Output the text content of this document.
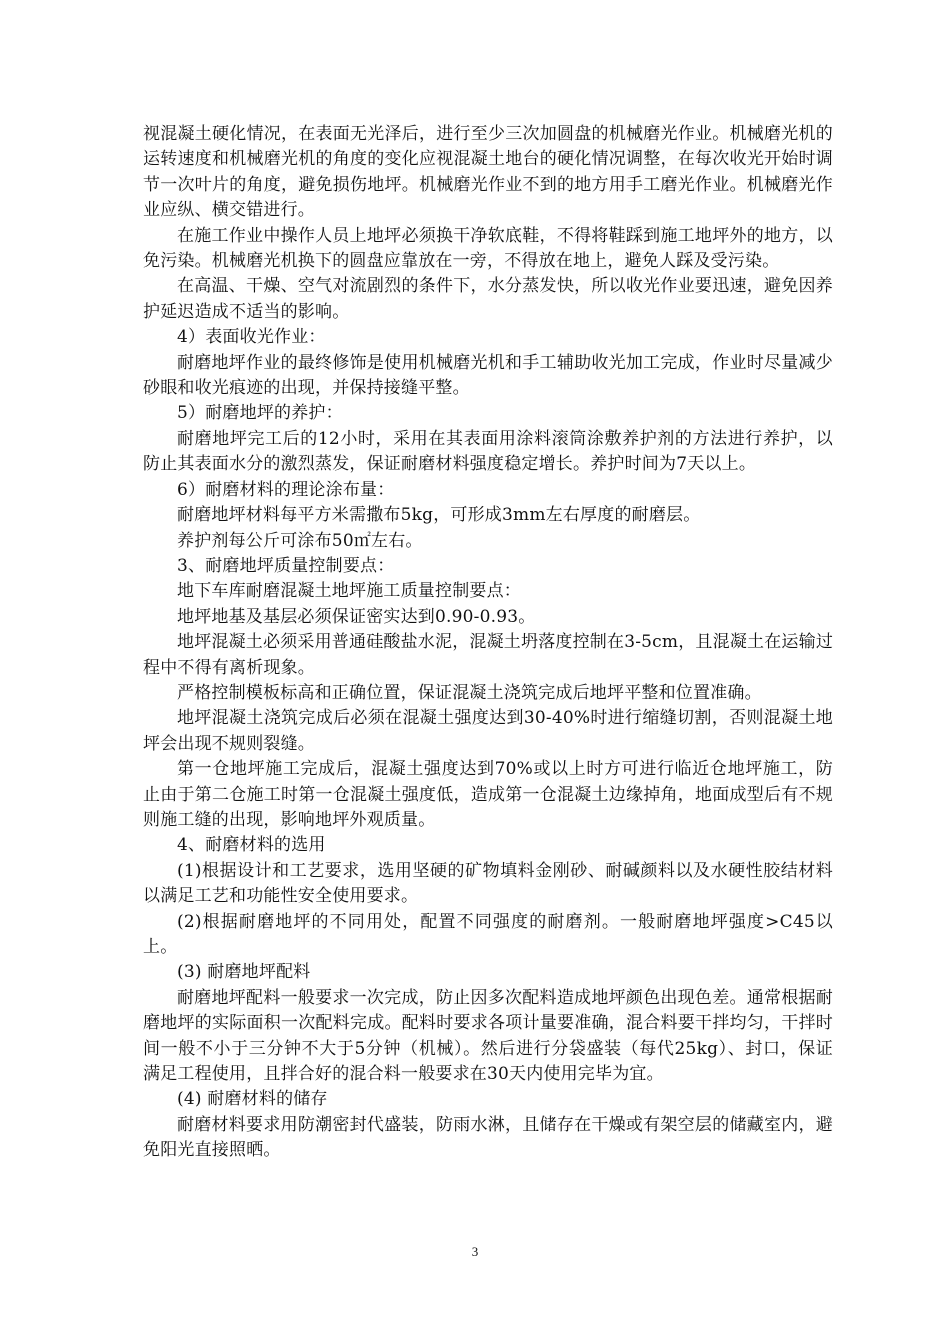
视混凝土硬化情况，在表面无光泽后，进行至少三次加圆盘的机械磨光作业。机械磨光机的运转速度和机械磨光机的角度的变化应视混凝土地台的硬化情况调整，在每次收光开始时调节一次叶片的角度，避免损伤地坪。机械磨光作业不到的地方用手工磨光作业。机械磨光作业应纵、横交错进行。

在施工作业中操作人员上地坪必须换干净软底鞋，不得将鞋踩到施工地坪外的地方，以免污染。机械磨光机换下的圆盘应靠放在一旁，不得放在地上，避免人踩及受污染。

在高温、干燥、空气对流剧烈的条件下，水分蒸发快，所以收光作业要迅速，避免因养护延迟造成不适当的影响。

4）表面收光作业：

耐磨地坪作业的最终修饰是使用机械磨光机和手工辅助收光加工完成，作业时尽量减少砂眼和收光痕迹的出现，并保持接缝平整。

5）耐磨地坪的养护：

耐磨地坪完工后的12小时，采用在其表面用涂料滚筒涂敷养护剂的方法进行养护，以防止其表面水分的激烈蒸发，保证耐磨材料强度稳定增长。养护时间为7天以上。

6）耐磨材料的理论涂布量：

耐磨地坪材料每平方米需撒布5kg，可形成3mm左右厚度的耐磨层。

养护剂每公斤可涂布50㎡左右。

3、耐磨地坪质量控制要点：

地下车库耐磨混凝土地坪施工质量控制要点：

地坪地基及基层必须保证密实达到0.90-0.93。

地坪混凝土必须采用普通硅酸盐水泥，混凝土坍落度控制在3-5cm，且混凝土在运输过程中不得有离析现象。

严格控制模板标高和正确位置，保证混凝土浇筑完成后地坪平整和位置准确。

地坪混凝土浇筑完成后必须在混凝土强度达到30-40%时进行缩缝切割，否则混凝土地坪会出现不规则裂缝。

第一仓地坪施工完成后，混凝土强度达到70%或以上时方可进行临近仓地坪施工，防止由于第二仓施工时第一仓混凝土强度低，造成第一仓混凝土边缘掉角，地面成型后有不规则施工缝的出现，影响地坪外观质量。

4、耐磨材料的选用

(1)根据设计和工艺要求，选用坚硬的矿物填料金刚砂、耐碱颜料以及水硬性胶结材料以满足工艺和功能性安全使用要求。

(2)根据耐磨地坪的不同用处，配置不同强度的耐磨剂。一般耐磨地坪强度>C45以上。

(3) 耐磨地坪配料

耐磨地坪配料一般要求一次完成，防止因多次配料造成地坪颜色出现色差。通常根据耐磨地坪的实际面积一次配料完成。配料时要求各项计量要准确，混合料要干拌均匀，干拌时间一般不小于三分钟不大于5分钟（机械）。然后进行分袋盛装（每代25kg）、封口，保证满足工程使用，且拌合好的混合料一般要求在30天内使用完毕为宜。

(4) 耐磨材料的储存

耐磨材料要求用防潮密封代盛装，防雨水淋，且储存在干燥或有架空层的储藏室内，避免阳光直接照晒。

3
